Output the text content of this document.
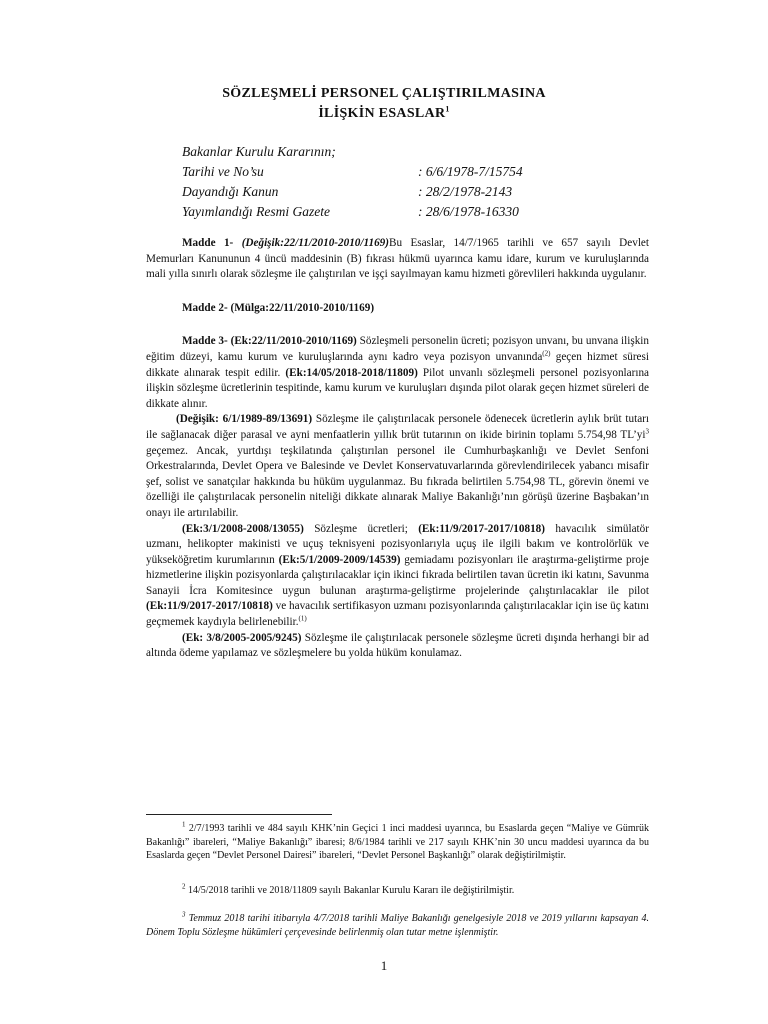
SÖZLEŞMELİ PERSONEL ÇALIŞTIRILMASINA
İLİŞKİN ESASLAR$^1$
Bakanlar Kurulu Kararının;
Tarihi ve No’su	: 6/6/1978-7/15754
Dayandığı Kanun	: 28/2/1978-2143
Yayımlandığı Resmi Gazete	: 28/6/1978-16330

Madde 1- (Değişik:22/11/2010-2010/1169)Bu Esaslar, 14/7/1965 tarihli ve 657 sayılı Devlet Memurları Kanununun 4 üncü maddesinin (B) fıkrası hükmü uyarınca kamu idare, kurum ve kuruluşlarında mali yılla sınırlı olarak sözleşme ile çalıştırılan ve işçi sayılmayan kamu hizmeti görevlileri hakkında uygulanır.

Madde 2- (Mülga:22/11/2010-2010/1169)

Madde 3- (Ek:22/11/2010-2010/1169) Sözleşmeli personelin ücreti; pozisyon unvanı, bu unvana ilişkin eğitim düzeyi, kamu kurum ve kuruluşlarında aynı kadro veya pozisyon unvanında$^{(2)}$ geçen hizmet süresi dikkate alınarak tespit edilir. (Ek:14/05/2018-2018/11809) Pilot unvanlı sözleşmeli personel pozisyonlarına ilişkin sözleşme ücretlerinin tespitinde, kamu kurum ve kuruluşları dışında pilot olarak geçen hizmet süreleri de dikkate alınır.

(Değişik: 6/1/1989-89/13691) Sözleşme ile çalıştırılacak personele ödenecek ücretlerin aylık brüt tutarı ile sağlanacak diğer parasal ve ayni menfaatlerin yıllık brüt tutarının on ikide birinin toplamı 5.754,98 $TL’yi^3$ geçemez. Ancak, yurtdışı teşkilatında çalıştırılan personel ile Cumhurbaşkanlığı ve Devlet Senfoni Orkestralarında, Devlet Opera ve Balesinde ve Devlet Konservatuvarlarında görevlendirilecek yabancı misafir şef, solist ve sanatçılar hakkında bu hüküm uygulanmaz. Bu fıkrada belirtilen 5.754,98 TL, görevin önemi ve özelliği ile çalıştırılacak personelin niteliği dikkate alınarak Maliye Bakanlığı’nın görüşü üzerine Başbakan’ın onayı ile artırılabilir.

(Ek:3/1/2008-2008/13055) Sözleşme ücretleri; (Ek:11/9/2017-2017/10818) havacılık simülatör uzmanı, helikopter makinisti ve uçuş teknisyeni pozisyonlarıyla uçuş ile ilgili bakım ve kontrolörlük ve yükseköğretim kurumlarının (Ek:5/1/2009-2009/14539) gemiadamı pozisyonları ile araştırma-geliştirme proje hizmetlerine ilişkin pozisyonlarda çalıştırılacaklar için ikinci fıkrada belirtilen tavan ücretin iki katını, Savunma Sanayii İcra Komitesince uygun bulunan araştırma-geliştirme projelerinde çalıştırılacaklar ile pilot (Ek:11/9/2017-2017/10818) ve havacılık sertifikasyon uzmanı pozisyonlarında çalıştırılacaklar için ise üç katını geçmemek kaydıyla belirlenebilir.$^{(1)}$

(Ek: 3/8/2005-2005/9245) Sözleşme ile çalıştırılacak personele sözleşme ücreti dışında herhangi bir ad altında ödeme yapılamaz ve sözleşmelere bu yolda hüküm konulamaz.

$^1$ 2/7/1993 tarihli ve 484 sayılı KHK’nin Geçici 1 inci maddesi uyarınca, bu Esaslarda geçen “Maliye ve Gümrük Bakanlığı” ibareleri, “Maliye Bakanlığı” ibaresi; 8/6/1984 tarihli ve 217 sayılı KHK’nin 30 uncu maddesi uyarınca da bu Esaslarda geçen “Devlet Personel Dairesi” ibareleri, “Devlet Personel Başkanlığı” olarak değiştirilmiştir.

$^2$ 14/5/2018 tarihli ve 2018/11809 sayılı Bakanlar Kurulu Kararı ile değiştirilmiştir.

$^3$ Temmuz 2018 tarihi itibarıyla 4/7/2018 tarihli Maliye Bakanlığı genelgesiyle 2018 ve 2019 yıllarını kapsayan 4. Dönem Toplu Sözleşme hükümleri çerçevesinde belirlenmiş olan tutar metne işlenmiştir.

1
